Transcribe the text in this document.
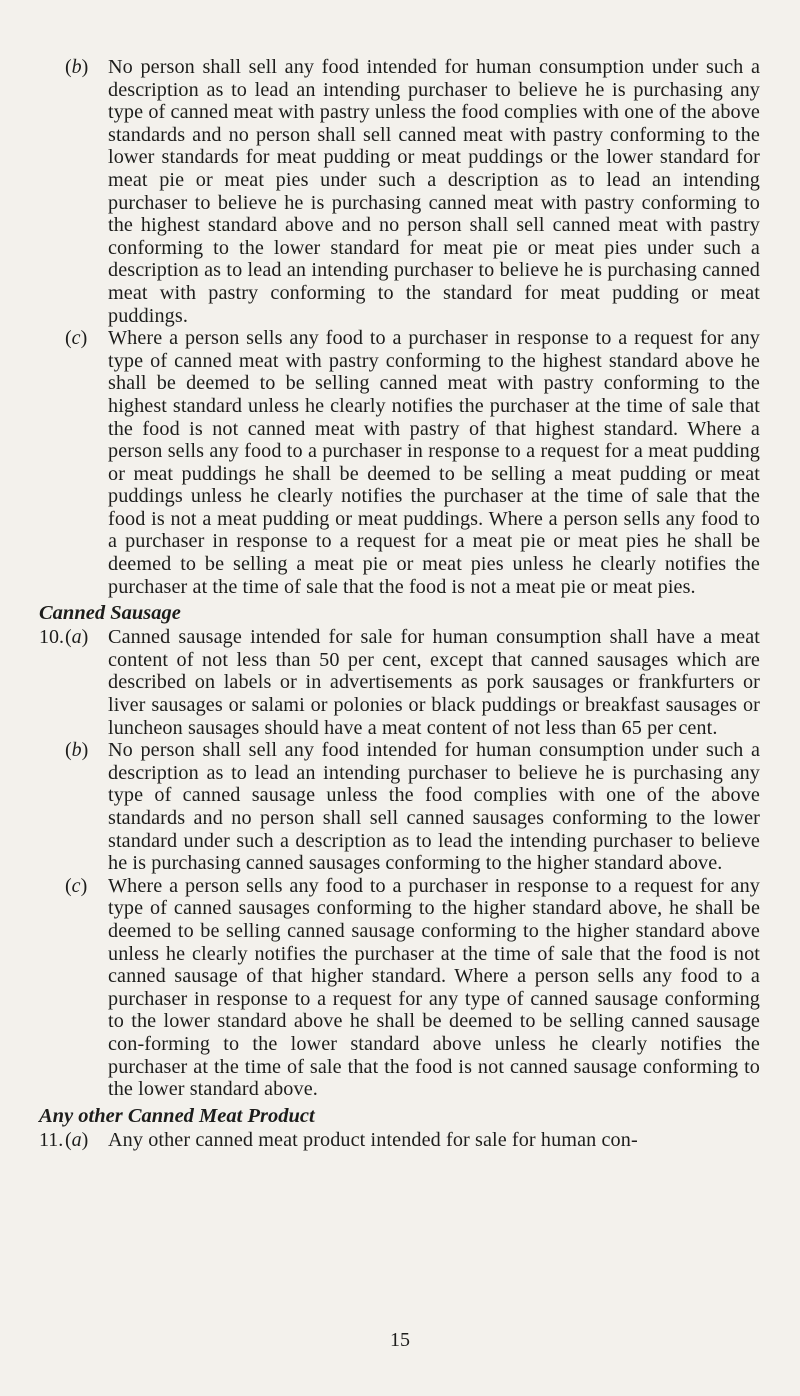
(b) No person shall sell any food intended for human consumption under such a description as to lead an intending purchaser to believe he is purchasing any type of canned meat with pastry unless the food complies with one of the above standards and no person shall sell canned meat with pastry conforming to the lower standards for meat pudding or meat puddings or the lower standard for meat pie or meat pies under such a description as to lead an intending purchaser to believe he is purchasing canned meat with pastry conforming to the highest standard above and no person shall sell canned meat with pastry conforming to the lower standard for meat pie or meat pies under such a description as to lead an intending purchaser to believe he is purchasing canned meat with pastry conforming to the standard for meat pudding or meat puddings.
(c)	Where a person sells any food to a purchaser in response to a request for any type of canned meat with pastry conforming to the highest standard above he shall be deemed to be selling canned meat with pastry conforming to the highest standard unless he clearly notifies the purchaser at the time of sale that the food is not canned meat with pastry of that highest standard. Where a person sells any food to a purchaser in response to a request for a meat pudding or meat puddings he shall be deemed to be selling a meat pudding or meat puddings unless he clearly notifies the purchaser at the time of sale that the food is not a meat pudding or meat puddings. Where a person sells any food to a purchaser in response to a request for a meat pie or meat pies he shall be deemed to be selling a meat pie or meat pies unless he clearly notifies the purchaser at the time of sale that the food is not a meat pie or meat pies.
Canned Sausage
10. (a) Canned sausage intended for sale for human consumption shall have a meat content of not less than 50 per cent, except that canned sausages which are described on labels or in advertisements as pork sausages or frankfurters or liver sausages or salami or polonies or black puddings or breakfast sausages or luncheon sausages should have a meat content of not less than 65 per cent.
(b) No person shall sell any food intended for human consumption under such a description as to lead an intending purchaser to believe he is purchasing any type of canned sausage unless the food complies with one of the above standards and no person shall sell canned sausages conforming to the lower standard under such a description as to lead the intending purchaser to believe he is purchasing canned sausages conforming to the higher standard above.
(c)	Where a person sells any food to a purchaser in response to a request for any type of canned sausages conforming to the higher standard above, he shall be deemed to be selling canned sausage conforming to the higher standard above unless he clearly notifies the purchaser at the time of sale that the food is not canned sausage of that higher standard. Where a person sells any food to a purchaser in response to a request for any type of canned sausage conforming to the lower standard above he shall be deemed to be selling canned sausage con-forming to the lower standard above unless he clearly notifies the purchaser at the time of sale that the food is not canned sausage conforming to the lower standard above.
Any other Canned Meat Product
11. (a) Any other canned meat product intended for sale for human con-
15
